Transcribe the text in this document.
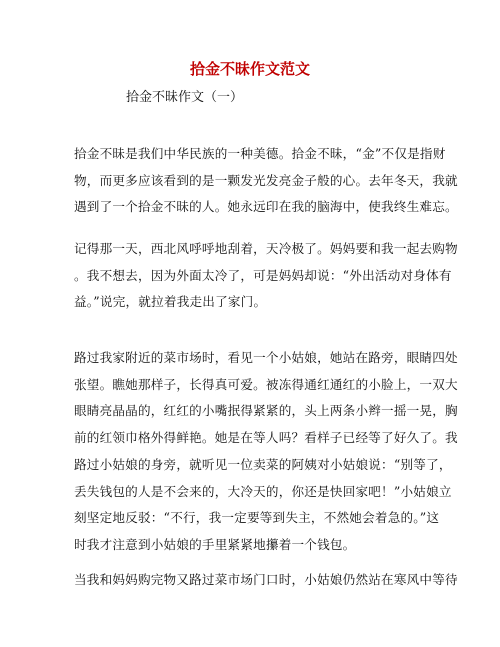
拾金不昧作文范文
拾金不昧作文（一）
拾金不昧是我们中华民族的一种美德。拾金不昧，“金”不仅是指财
物，而更多应该看到的是一颗发光发亮金子般的心。去年冬天，我就
遇到了一个拾金不昧的人。她永远印在我的脑海中，使我终生难忘。
记得那一天，西北风呼呼地刮着，天冷极了。妈妈要和我一起去购物
。我不想去，因为外面太冷了，可是妈妈却说：“外出活动对身体有
益。”说完，就拉着我走出了家门。
路过我家附近的菜市场时，看见一个小姑娘，她站在路旁，眼睛四处
张望。瞧她那样子，长得真可爱。被冻得通红通红的小脸上，一双大
眼睛亮晶晶的，红红的小嘴抿得紧紧的，头上两条小辫一摇一晃，胸
前的红领巾格外得鲜艳。她是在等人吗？看样子已经等了好久了。我
路过小姑娘的身旁，就听见一位卖菜的阿姨对小姑娘说：“别等了，
丢失钱包的人是不会来的，大冷天的，你还是快回家吧！”小姑娘立
刻坚定地反驳：“不行，我一定要等到失主，不然她会着急的。”这
时我才注意到小姑娘的手里紧紧地攥着一个钱包。
当我和妈妈购完物又路过菜市场门口时，小姑娘仍然站在寒风中等待
